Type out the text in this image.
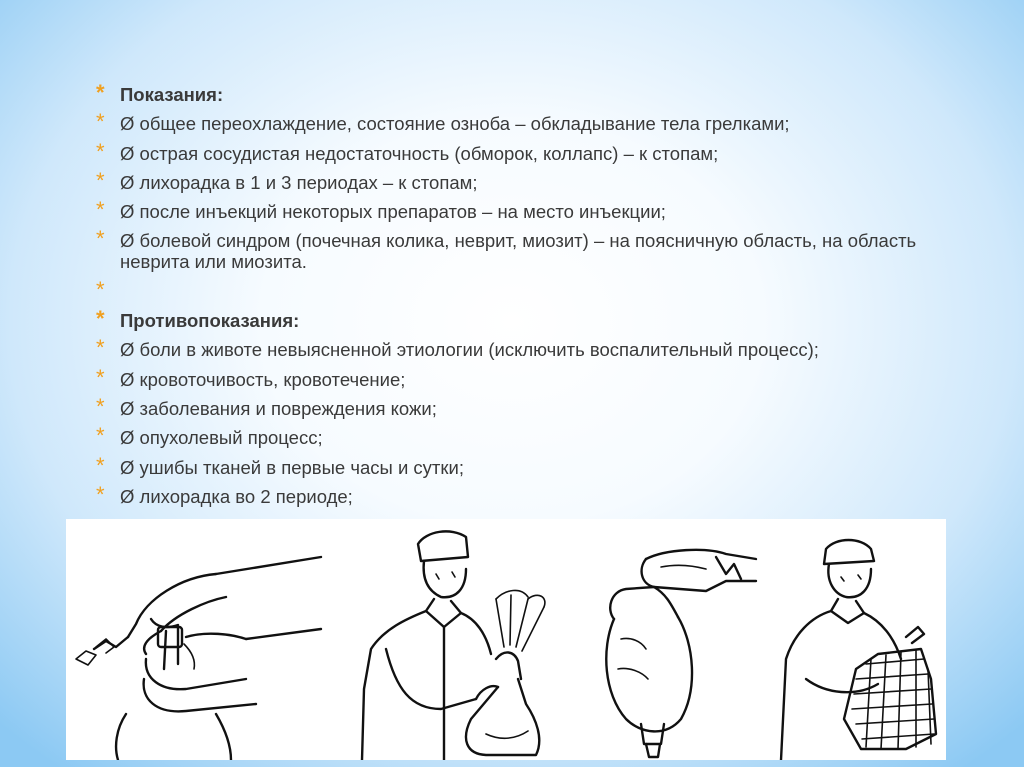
* Показания:
* Ø общее переохлаждение, состояние озноба – обкладывание тела грелками;
* Ø острая сосудистая недостаточность (обморок, коллапс) – к стопам;
* Ø лихорадка в 1 и 3 периодах – к стопам;
* Ø после инъекций некоторых препаратов – на место инъекции;
* Ø болевой синдром (почечная колика, неврит, миозит) – на поясничную область, на область неврита или миозита.
*
* Противопоказания:
* Ø боли в животе невыясненной этиологии (исключить воспалительный процесс);
* Ø кровоточивость, кровотечение;
* Ø заболевания и повреждения кожи;
* Ø опухолевый процесс;
* Ø ушибы тканей в первые часы и сутки;
* Ø лихорадка во 2 периоде;
